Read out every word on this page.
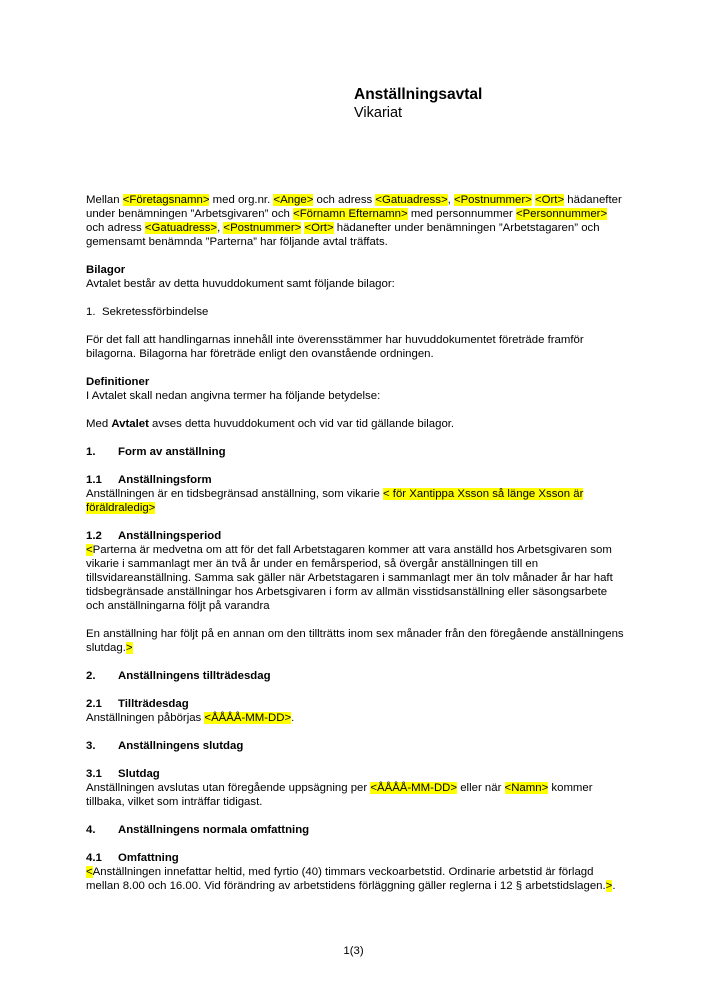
Anställningsavtal
Vikariat

Mellan <Företagsnamn> med org.nr. <Ange> och adress <Gatuadress>, <Postnummer> <Ort> hädanefter under benämningen ”Arbetsgivaren” och <Förnamn Efternamn> med personnummer <Personnummer> och adress <Gatuadress>, <Postnummer> <Ort> hädanefter under benämningen ”Arbetstagaren” och gemensamt benämnda ”Parterna” har följande avtal träffats.

Bilagor

Avtalet består av detta huvuddokument samt följande bilagor:

1. Sekretessförbindelse

För det fall att handlingarnas innehåll inte överensstämmer har huvuddokumentet företräde framför bilagorna. Bilagorna har företräde enligt den ovanstående ordningen.

Definitioner

I Avtalet skall nedan angivna termer ha följande betydelse:

Med Avtalet avses detta huvuddokument och vid var tid gällande bilagor.

1.	Form av anställning
1.1	Anställningsform

Anställningen är en tidsbegränsad anställning, som vikarie < för Xantippa Xsson så länge Xsson är föräldraledig>

1.2	Anställningsperiod

<Parterna är medvetna om att för det fall Arbetstagaren kommer att vara anställd hos Arbetsgivaren som vikarie i sammanlagt mer än två år under en femårsperiod, så övergår anställningen till en tillsvidareanställning. Samma sak gäller när Arbetstagaren i sammanlagt mer än tolv månader år har haft tidsbegränsade anställningar hos Arbetsgivaren i form av allmän visstidsanställning eller säsongsarbete och anställningarna följt på varandra

En anställning har följt på en annan om den tillträtts inom sex månader från den föregående anställningens slutdag.>

2.	Anställningens tillträdesdag
2.1	Tillträdesdag

Anställningen påbörjas <ÅÅÅÅ-MM-DD>.

3.	Anställningens slutdag
3.1	Slutdag

Anställningen avslutas utan föregående uppsägning per <ÅÅÅÅ-MM-DD> eller när <Namn> kommer tillbaka, vilket som inträffar tidigast.

4.	Anställningens normala omfattning
4.1	Omfattning

<Anställningen innefattar heltid, med fyrtio (40) timmars veckoarbetstid. Ordinarie arbetstid är förlagd mellan 8.00 och 16.00. Vid förändring av arbetstidens förläggning gäller reglerna i 12 § arbetstidslagen.>.

1(3)
